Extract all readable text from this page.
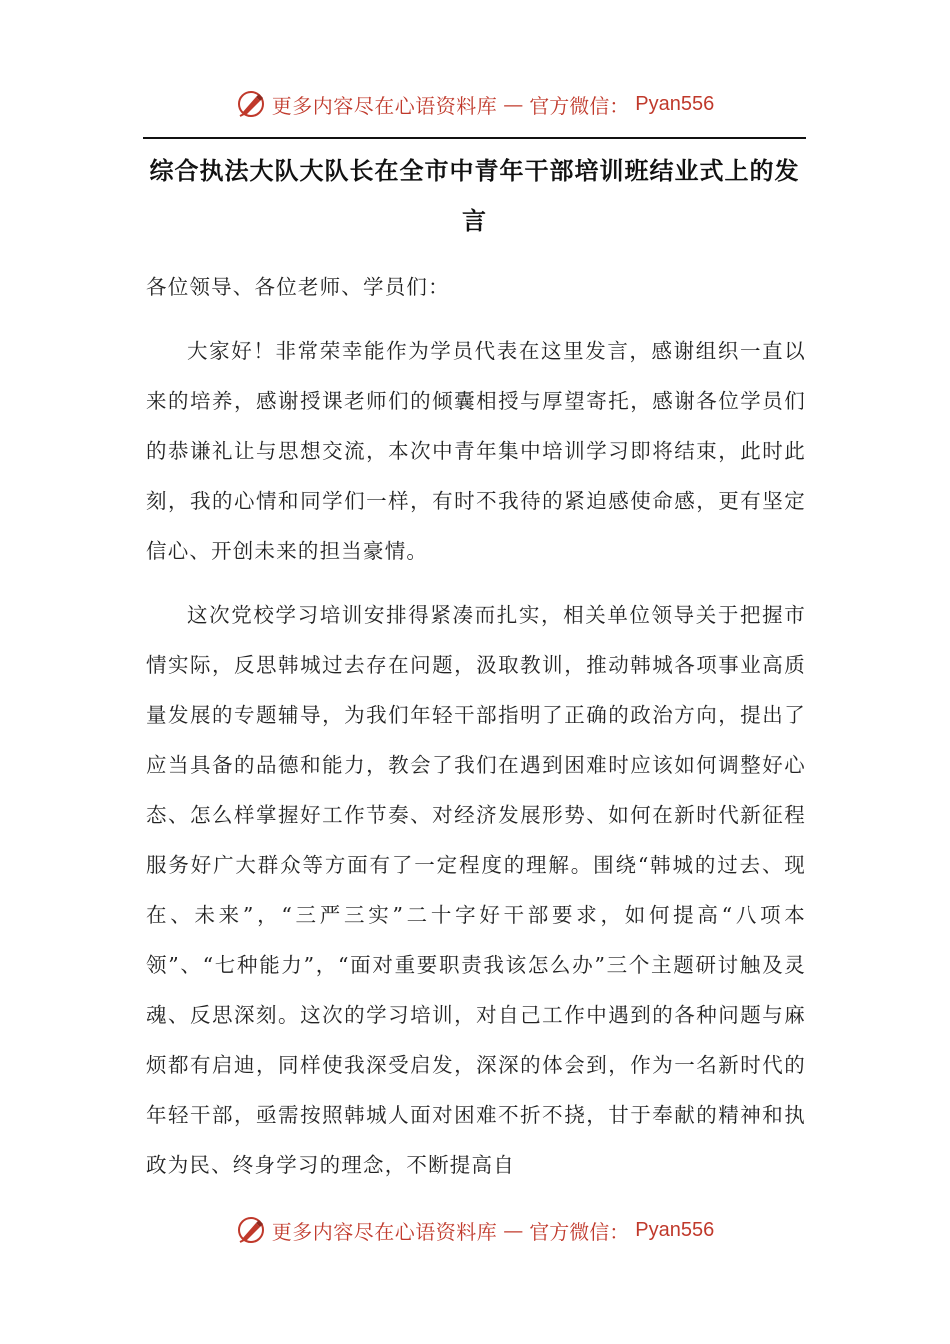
更多内容尽在心语资料库 — 官方微信： Pyan556
综合执法大队大队长在全市中青年干部培训班结业式上的发言

各位领导、各位老师、学员们：

大家好！非常荣幸能作为学员代表在这里发言，感谢组织一直以来的培养，感谢授课老师们的倾囊相授与厚望寄托，感谢各位学员们的恭谦礼让与思想交流，本次中青年集中培训学习即将结束，此时此刻，我的心情和同学们一样，有时不我待的紧迫感使命感，更有坚定信心、开创未来的担当豪情。

这次党校学习培训安排得紧凑而扎实，相关单位领导关于把握市情实际，反思韩城过去存在问题，汲取教训，推动韩城各项事业高质量发展的专题辅导，为我们年轻干部指明了正确的政治方向，提出了应当具备的品德和能力，教会了我们在遇到困难时应该如何调整好心态、怎么样掌握好工作节奏、对经济发展形势、如何在新时代新征程服务好广大群众等方面有了一定程度的理解。围绕“韩城的过去、现在、未来”，“三严三实”二十字好干部要求，如何提高“八项本领”、“七种能力”，“面对重要职责我该怎么办”三个主题研讨触及灵魂、反思深刻。这次的学习培训，对自己工作中遇到的各种问题与麻烦都有启迪，同样使我深受启发，深深的体会到，作为一名新时代的年轻干部，亟需按照韩城人面对困难不折不挠，甘于奉献的精神和执政为民、终身学习的理念，不断提高自

更多内容尽在心语资料库 — 官方微信： Pyan556
